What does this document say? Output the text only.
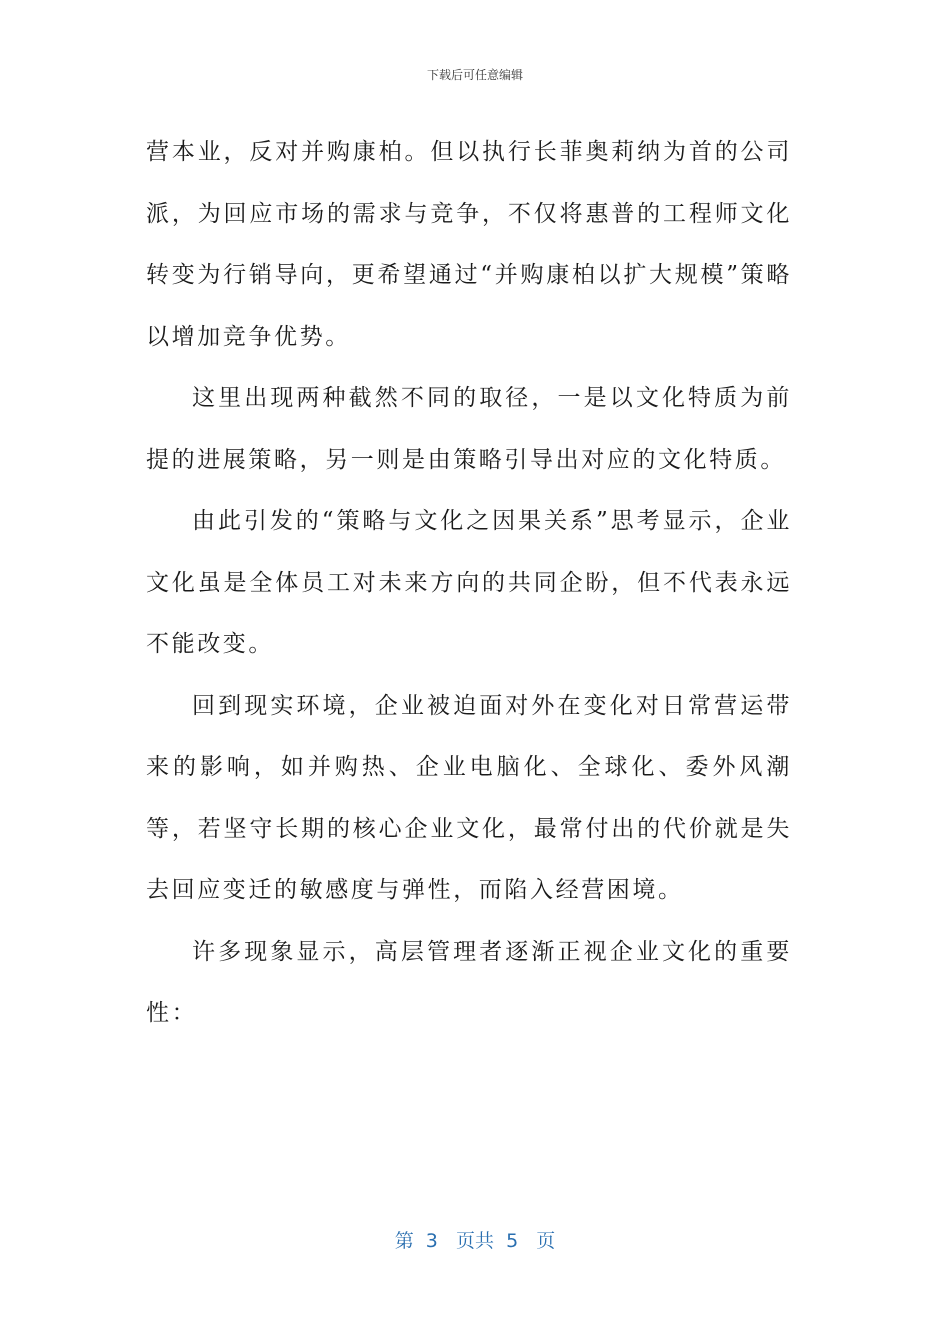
下载后可任意编辑

营本业，反对并购康柏。但以执行长菲奥莉纳为首的公司派，为回应市场的需求与竞争，不仅将惠普的工程师文化转变为行销导向，更希望通过“并购康柏以扩大规模”策略以增加竞争优势。

这里出现两种截然不同的取径，一是以文化特质为前提的进展策略，另一则是由策略引导出对应的文化特质。

由此引发的“策略与文化之因果关系”思考显示，企业文化虽是全体员工对未来方向的共同企盼，但不代表永远不能改变。

回到现实环境，企业被迫面对外在变化对日常营运带来的影响，如并购热、企业电脑化、全球化、委外风潮等，若坚守长期的核心企业文化，最常付出的代价就是失去回应变迁的敏感度与弹性，而陷入经营困境。

许多现象显示，高层管理者逐渐正视企业文化的重要性：

第  3   页共  5   页
